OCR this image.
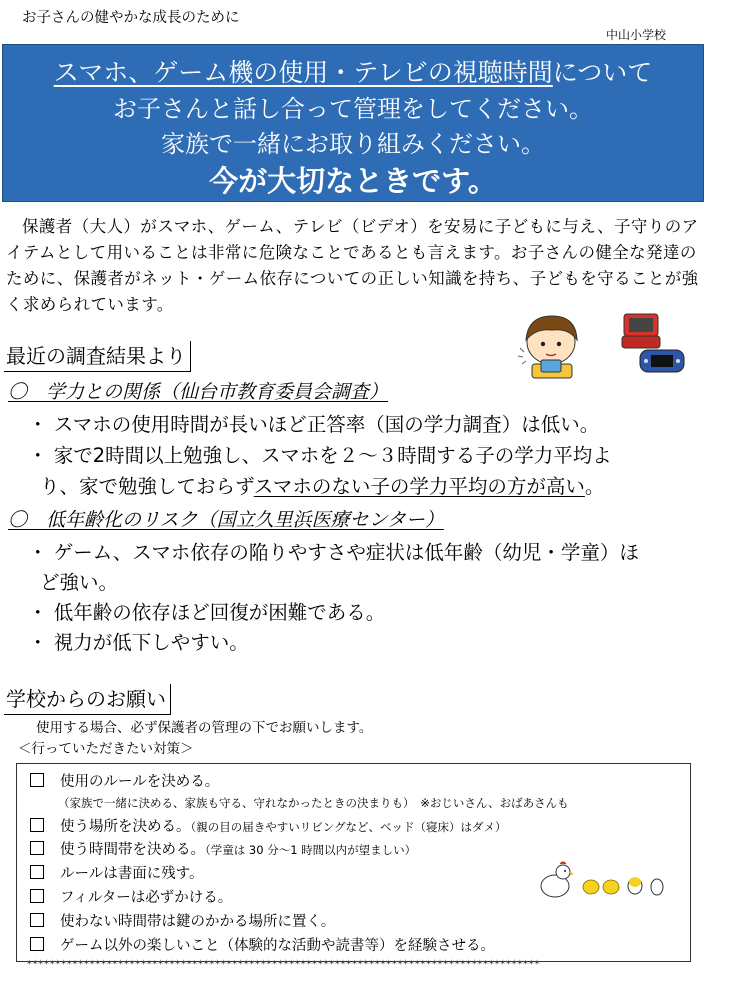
お子さんの健やかな成長のために
中山小学校
スマホ、ゲーム機の使用・テレビの視聴時間について
お子さんと話し合って管理をしてください。
家族で一緒にお取り組みください。
今が大切なときです。
保護者（大人）がスマホ、ゲーム、テレビ（ビデオ）を安易に子どもに与え、子守りのアイテムとして用いることは非常に危険なことであるとも言えます。お子さんの健全な発達のために、保護者がネット・ゲーム依存についての正しい知識を持ち、子どもを守ることが強く求められています。
最近の調査結果より
〇　学力との関係（仙台市教育委員会調査）
・ スマホの使用時間が長いほど正答率（国の学力調査）は低い。
・ 家で2時間以上勉強し、スマホを２～３時間する子の学力平均よ
り、家で勉強しておらずスマホのない子の学力平均の方が高い。
〇　低年齢化のリスク（国立久里浜医療センター）
・ ゲーム、スマホ依存の陥りやすさや症状は低年齢（幼児・学童）ほ
ど強い。
・ 低年齢の依存ほど回復が困難である。
・ 視力が低下しやすい。
学校からのお願い
使用する場合、必ず保護者の管理の下でお願いします。
＜行っていただきたい対策＞
使用のルールを決める。
（家族で一緒に決める、家族も守る、守れなかったときの決まりも）　※おじいさん、おばあさんも
使う場所を決める。（親の目の届きやすいリビングなど、ベッド（寝床）はダメ）
使う時間帯を決める。（学童は 30 分～1 時間以内が望ましい）
ルールは書面に残す。
フィルターは必ずかける。
使わない時間帯は鍵のかかる場所に置く。
ゲーム以外の楽しいこと（体験的な活動や読書等）を経験させる。
✶✶✶✶✶✶✶✶✶✶✶✶✶✶✶✶✶✶✶✶✶✶✶✶✶✶✶✶✶✶✶✶✶✶✶✶✶✶✶✶✶✶✶✶✶✶✶✶✶✶✶✶✶✶✶✶✶✶✶✶✶✶✶✶✶✶✶✶✶✶✶✶✶✶✶✶✶✶✶✶✶✶✶✶✶✶✶✶✶✶
